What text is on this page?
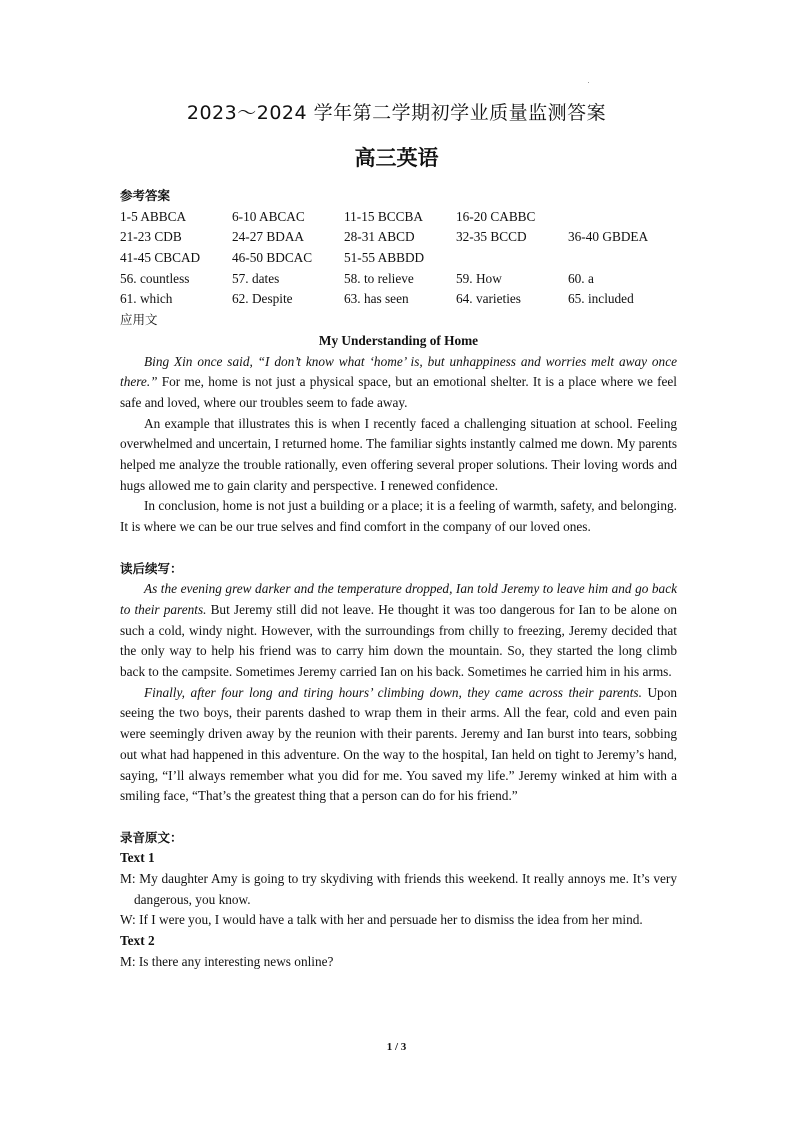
2023～2024 学年第二学期初学业质量监测答案
高三英语
参考答案
1-5 ABBCA	6-10 ABCAC	11-15 BCCBA	16-20 CABBC
21-23 CDB	24-27 BDAA	28-31 ABCD	32-35 BCCD	36-40 GBDEA
41-45 CBCAD	46-50 BDCAC	51-55 ABBDD
56. countless	57. dates	58. to relieve	59. How	60. a
61. which	62. Despite	63. has seen	64. varieties	65. included
应用文
My Understanding of Home

Bing Xin once said, “I don’t know what ‘home’ is, but unhappiness and worries melt away once there.” For me, home is not just a physical space, but an emotional shelter. It is a place where we feel safe and loved, where our troubles seem to fade away.

An example that illustrates this is when I recently faced a challenging situation at school. Feeling overwhelmed and uncertain, I returned home. The familiar sights instantly calmed me down. My parents helped me analyze the trouble rationally, even offering several proper solutions. Their loving words and hugs allowed me to gain clarity and perspective. I renewed confidence.

In conclusion, home is not just a building or a place; it is a feeling of warmth, safety, and belonging. It is where we can be our true selves and find comfort in the company of our loved ones.

读后续写：

As the evening grew darker and the temperature dropped, Ian told Jeremy to leave him and go back to their parents. But Jeremy still did not leave. He thought it was too dangerous for Ian to be alone on such a cold, windy night. However, with the surroundings from chilly to freezing, Jeremy decided that the only way to help his friend was to carry him down the mountain. So, they started the long climb back to the campsite. Sometimes Jeremy carried Ian on his back. Sometimes he carried him in his arms.

Finally, after four long and tiring hours’ climbing down, they came across their parents. Upon seeing the two boys, their parents dashed to wrap them in their arms. All the fear, cold and even pain were seemingly driven away by the reunion with their parents. Jeremy and Ian burst into tears, sobbing out what had happened in this adventure. On the way to the hospital, Ian held on tight to Jeremy’s hand, saying, “I’ll always remember what you did for me. You saved my life.” Jeremy winked at him with a smiling face, “That’s the greatest thing that a person can do for his friend.”

录音原文：
Text 1

M: My daughter Amy is going to try skydiving with friends this weekend. It really annoys me. It’s very dangerous, you know.

W: If I were you, I would have a talk with her and persuade her to dismiss the idea from her mind.

Text 2

M: Is there any interesting news online?

1 / 3
